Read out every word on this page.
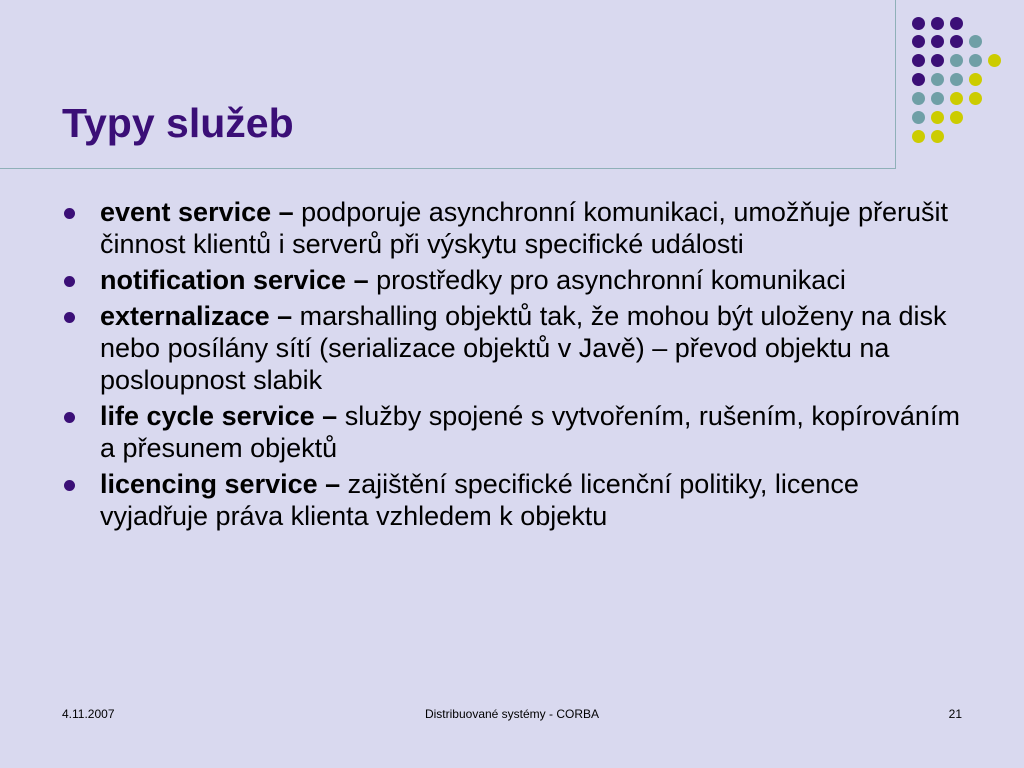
Typy služeb
event service – podporuje asynchronní komunikaci, umožňuje přerušit činnost klientů i serverů při výskytu specifické události
notification service – prostředky pro asynchronní komunikaci
externalizace – marshalling objektů tak, že mohou být uloženy na disk nebo posílány sítí (serializace objektů v Javě) – převod objektu na posloupnost slabik
life cycle service – služby spojené s vytvořením, rušením, kopírováním a přesunem objektů
licencing service – zajištění specifické licenční politiky, licence vyjadřuje práva klienta vzhledem k objektu
4.11.2007	Distribuované systémy - CORBA	21
